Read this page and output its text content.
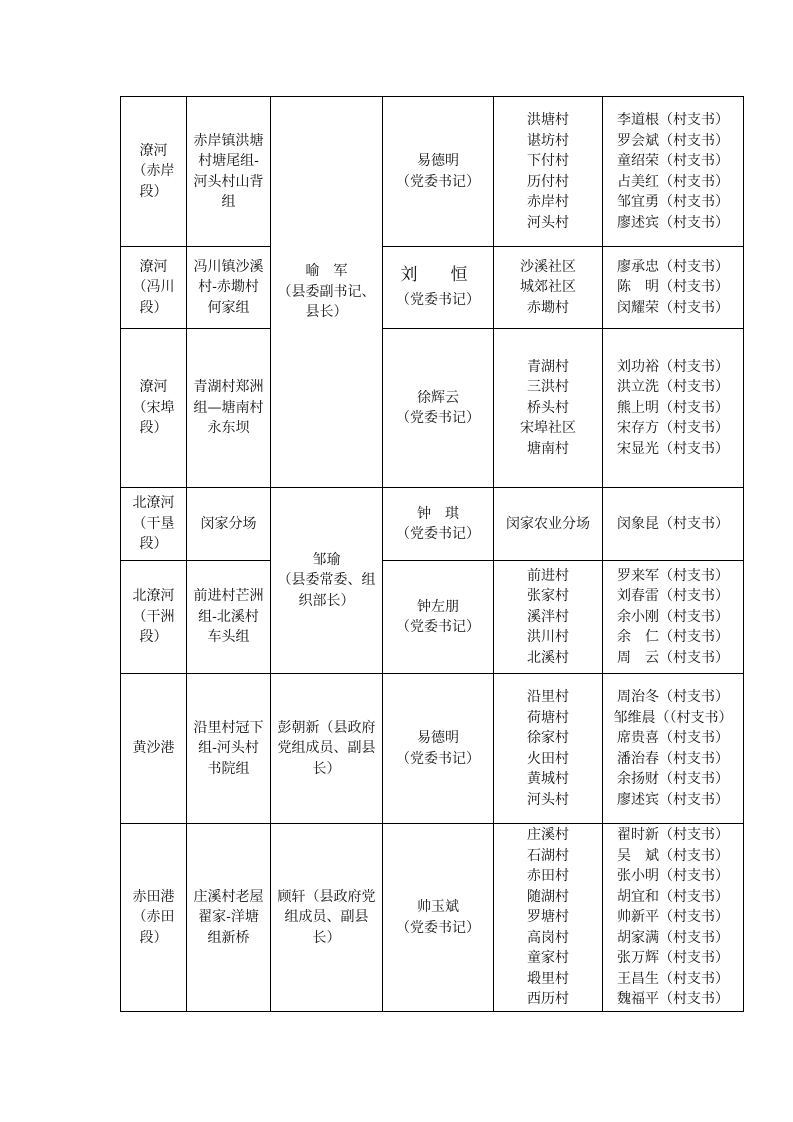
潦河
（赤岸
段）
赤岸镇洪塘
村塘尾组-
河头村山背
组
易德明
（党委书记）
洪塘村
谌坊村
下付村
历付村
赤岸村
河头村
李道根（村支书）
罗会斌（村支书）
童绍荣（村支书）
占美红（村支书）
邹宜勇（村支书）
廖述宾（村支书）
潦河
（冯川
段）
冯川镇沙溪
村-赤墈村
何家组
刘　恒
（党委书记）
沙溪社区
城郊社区
赤墈村
廖承忠（村支书）
陈　明（村支书）
闵耀荣（村支书）
潦河
（宋埠
段）
青湖村郑洲
组—塘南村
永东坝
徐辉云
（党委书记）
青湖村
三洪村
桥头村
宋埠社区
塘南村
刘功裕（村支书）
洪立洗（村支书）
熊上明（村支书）
宋存方（村支书）
宋显光（村支书）
喻　军
（县委副书记、
县长）
北潦河
（干垦
段）
闵家分场
钟　琪
（党委书记）
闵家农业分场 闵象昆（村支书）
北潦河
（干洲
段）
前进村芒洲
组-北溪村
车头组
钟左朋
（党委书记）
前进村
张家村
溪泮村
洪川村
北溪村
罗来军（村支书）
刘春雷（村支书）
余小刚（村支书）
余　仁（村支书）
周　云（村支书）
邹瑜
（县委常委、组
织部长）
黄沙港
沿里村冠下
组-河头村
书院组
彭朝新（县政府
党组成员、副县
长）
易德明
（党委书记）
沿里村
荷塘村
徐家村
火田村
黄城村
河头村
周治冬（村支书）
邹维晨（（村支书）
席贵喜（村支书）
潘治春（村支书）
余扬财（村支书）
廖述宾（村支书）
赤田港
（赤田
段）
庄溪村老屋
翟家-洋塘
组新桥
顾轩（县政府党
组成员、副县
长）
帅玉斌
（党委书记）
庄溪村
石湖村
赤田村
随湖村
罗塘村
高岗村
童家村
塅里村
西历村
翟时新（村支书）
吴　斌（村支书）
张小明（村支书）
胡宜和（村支书）
帅新平（村支书）
胡家满（村支书）
张万辉（村支书）
王昌生（村支书）
魏福平（村支书）
